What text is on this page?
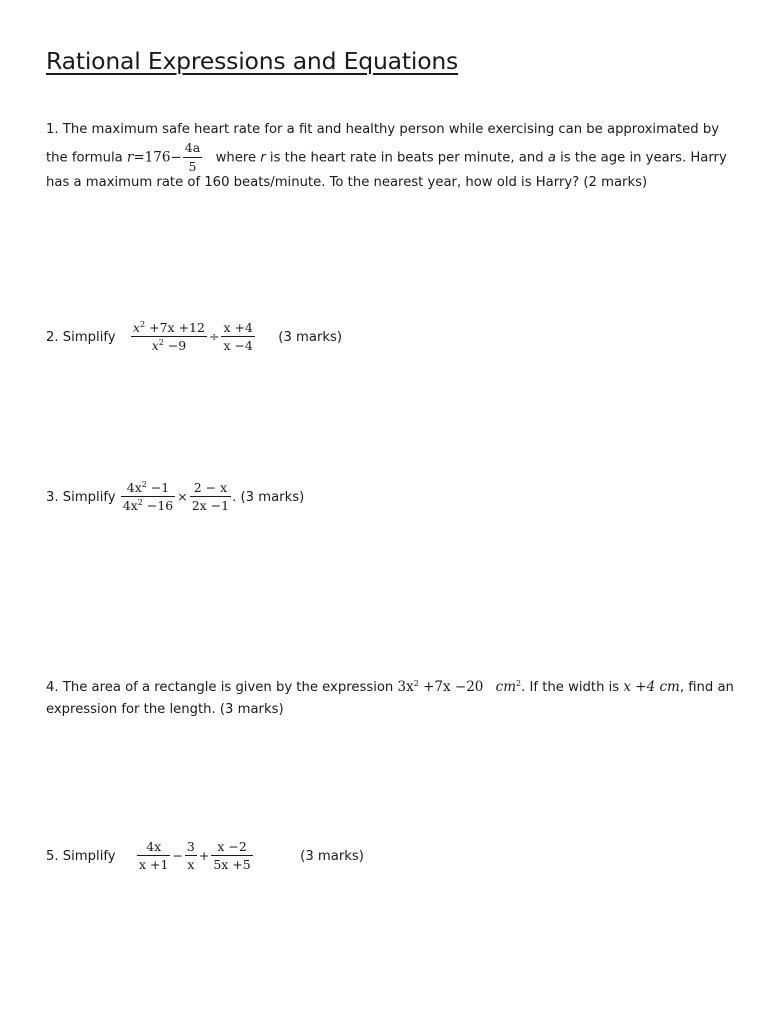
Rational Expressions and Equations
1. The maximum safe heart rate for a fit and healthy person while exercising can be approximated by
the formula $r=176- \frac{4a}{5}$ where r is the heart rate in beats per minute, and a is the age in years. Harry
has a maximum rate of 160 beats/minute. To the nearest year, how old is Harry? (2 marks)
2. Simplify $\frac{x^2 +7x +12}{x^2 -9} \div \frac{x +4}{x -4} (3$ marks)
3. Simplify $\frac{4x^2 -1}{4x^2 -16} \times \frac{2 - x}{2x -1}$ . (3 marks)
4. The area of a rectangle is given by the expression $3x^2 +7x -20$ $cm^2$. If the width is x +4 cm, find an
expression for the length. (3 marks)
5. Simplify $\frac{4x}{x +1} - \frac{3}{x} + \frac{x -2}{5x +5}$	(3 marks)
